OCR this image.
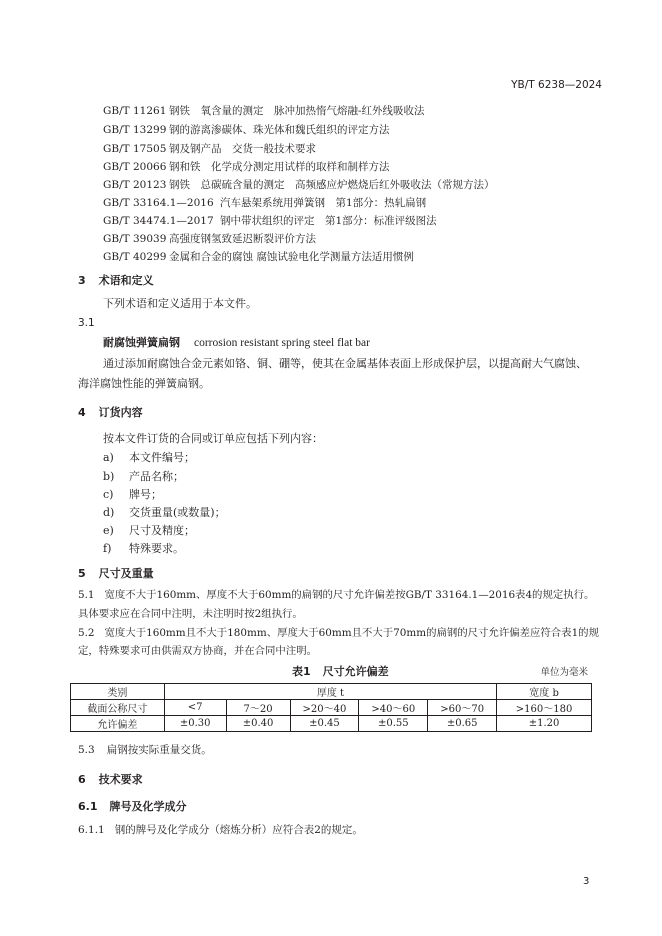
YB/T 6238—2024
GB/T 11261 钢铁　氧含量的测定　脉冲加热惰气熔融-红外线吸收法
GB/T 13299 钢的游离渗碳体、珠光体和魏氏组织的评定方法
GB/T 17505 钢及钢产品　交货一般技术要求
GB/T 20066 钢和铁　化学成分测定用试样的取样和制样方法
GB/T 20123 钢铁　总碳硫含量的测定　高频感应炉燃烧后红外吸收法（常规方法）
GB/T 33164.1—2016 汽车悬架系统用弹簧钢　第1部分：热轧扁钢
GB/T 34474.1—2017 钢中带状组织的评定　第1部分：标准评级图法
GB/T 39039 高强度钢氢致延迟断裂评价方法
GB/T 40299 金属和合金的腐蚀 腐蚀试验电化学测量方法适用惯例
3 术语和定义
下列术语和定义适用于本文件。
3.1
耐腐蚀弹簧扁钢 corrosion resistant spring steel flat bar
通过添加耐腐蚀合金元素如铬、铜、硼等，使其在金属基体表面上形成保护层，以提高耐大气腐蚀、
海洋腐蚀性能的弹簧扁钢。
4 订货内容
按本文件订货的合同或订单应包括下列内容：
a) 本文件编号；
b) 产品名称；
c) 牌号；
d) 交货重量(或数量)；
e) 尺寸及精度；
f) 特殊要求。
5 尺寸及重量
5.1 宽度不大于160mm、厚度不大于60mm的扁钢的尺寸允许偏差按GB/T 33164.1—2016表4的规定执行。
具体要求应在合同中注明，未注明时按2组执行。
5.2 宽度大于160mm且不大于180mm、厚度大于60mm且不大于70mm的扁钢的尺寸允许偏差应符合表1的规
定，特殊要求可由供需双方协商，并在合同中注明。
表1 尺寸允许偏差	单位为毫米
类别	厚度 t					宽度 b
截面公称尺寸	<7	7～20	>20～40	>40～60	>60～70	>160～180
允许偏差	±0.30	±0.40	±0.45	±0.55	±0.65	±1.20
5.3 扁钢按实际重量交货。
6 技术要求
6.1 牌号及化学成分
6.1.1 钢的牌号及化学成分（熔炼分析）应符合表2的规定。
3
